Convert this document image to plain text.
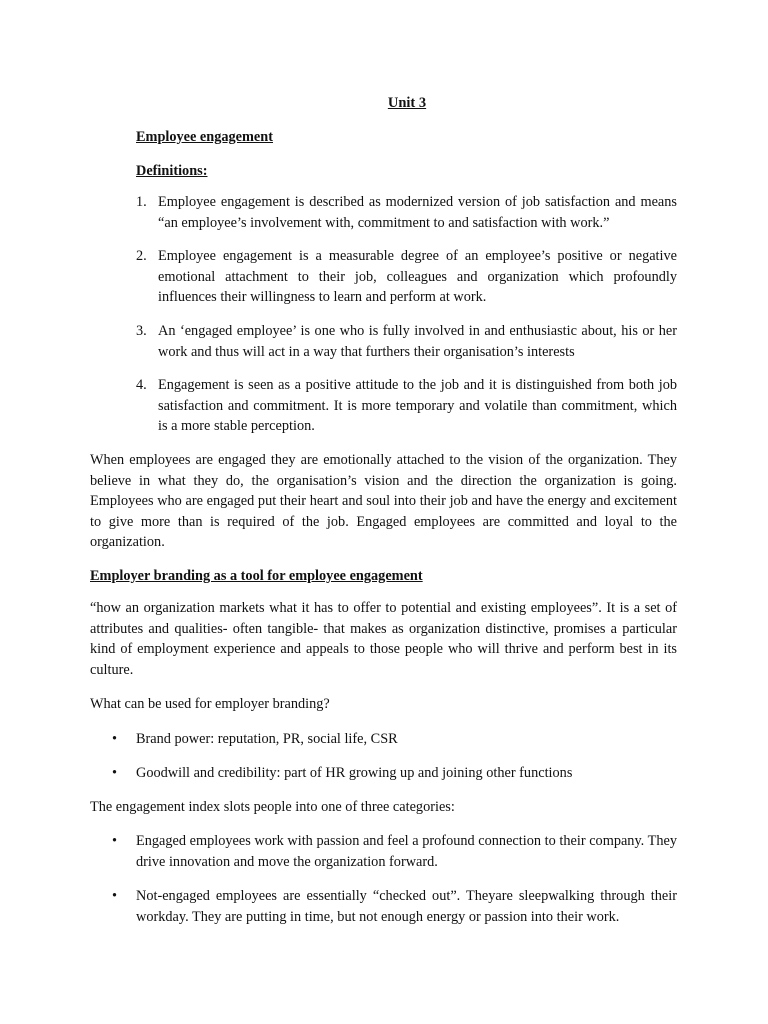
Unit 3
Employee engagement
Definitions:
1. Employee engagement is described as modernized version of job satisfaction and means “an employee’s involvement with, commitment to and satisfaction with work.”
2. Employee engagement is a measurable degree of an employee’s positive or negative emotional attachment to their job, colleagues and organization which profoundly influences their willingness to learn and perform at work.
3. An ‘engaged employee’ is one who is fully involved in and enthusiastic about, his or her work and thus will act in a way that furthers their organisation’s interests
4. Engagement is seen as a positive attitude to the job and it is distinguished from both job satisfaction and commitment. It is more temporary and volatile than commitment, which is a more stable perception.
When employees are engaged they are emotionally attached to the vision of the organization. They believe in what they do, the organisation’s vision and the direction the organization is going. Employees who are engaged put their heart and soul into their job and have the energy and excitement to give more than is required of the job. Engaged employees are committed and loyal to the organization.
Employer branding as a tool for employee engagement
“how an organization markets what it has to offer to potential and existing employees”. It is a set of attributes and qualities- often tangible- that makes as organization distinctive, promises a particular kind of employment experience and appeals to those people who will thrive and perform best in its culture.
What can be used for employer branding?
•	Brand power: reputation, PR, social life, CSR
•	Goodwill and credibility: part of HR growing up and joining other functions
The engagement index slots people into one of three categories:
•	Engaged employees work with passion and feel a profound connection to their company. They drive innovation and move the organization forward.
•	Not-engaged employees are essentially “checked out”. Theyare sleepwalking through their workday. They are putting in time, but not enough energy or passion into their work.
